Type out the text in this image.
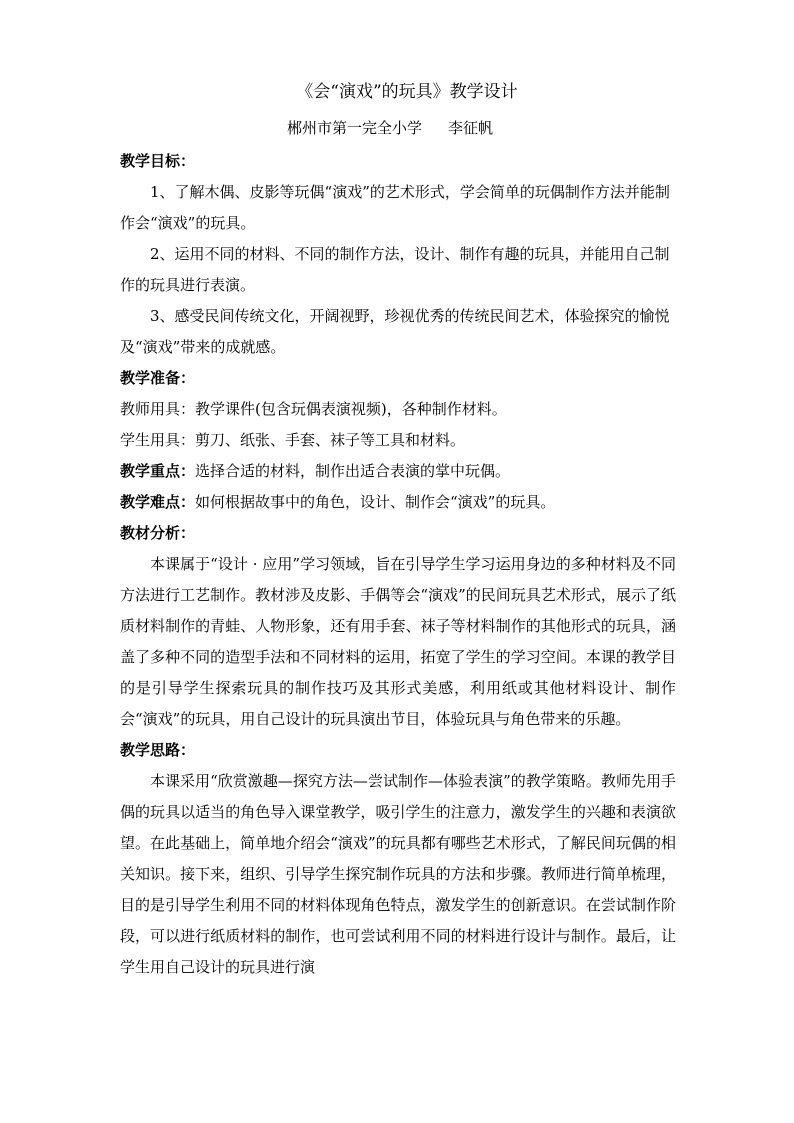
《会“演戏”的玩具》教学设计
郴州市第一完全小学 李征帆

教学目标：

1、了解木偶、皮影等玩偶“演戏”的艺术形式，学会简单的玩偶制作方法并能制作会“演戏”的玩具。

2、运用不同的材料、不同的制作方法，设计、制作有趣的玩具，并能用自己制作的玩具进行表演。

3、感受民间传统文化，开阔视野，珍视优秀的传统民间艺术，体验探究的愉悦及“演戏”带来的成就感。

教学准备：

教师用具：教学课件(包含玩偶表演视频)，各种制作材料。

学生用具：剪刀、纸张、手套、袜子等工具和材料。

教学重点：选择合适的材料，制作出适合表演的掌中玩偶。

教学难点：如何根据故事中的角色，设计、制作会“演戏”的玩具。

教材分析：

本课属于“设计 · 应用”学习领域，旨在引导学生学习运用身边的多种材料及不同方法进行工艺制作。教材涉及皮影、手偶等会“演戏”的民间玩具艺术形式，展示了纸质材料制作的青蛙、人物形象，还有用手套、袜子等材料制作的其他形式的玩具，涵盖了多种不同的造型手法和不同材料的运用，拓宽了学生的学习空间。本课的教学目的是引导学生探索玩具的制作技巧及其形式美感，利用纸或其他材料设计、制作会“演戏”的玩具，用自己设计的玩具演出节目，体验玩具与角色带来的乐趣。

教学思路：

本课采用“欣赏激趣—探究方法—尝试制作—体验表演”的教学策略。教师先用手偶的玩具以适当的角色导入课堂教学，吸引学生的注意力，激发学生的兴趣和表演欲望。在此基础上，简单地介绍会“演戏”的玩具都有哪些艺术形式，了解民间玩偶的相关知识。接下来，组织、引导学生探究制作玩具的方法和步骤。教师进行简单梳理，目的是引导学生利用不同的材料体现角色特点，激发学生的创新意识。在尝试制作阶段，可以进行纸质材料的制作，也可尝试利用不同的材料进行设计与制作。最后，让学生用自己设计的玩具进行演
